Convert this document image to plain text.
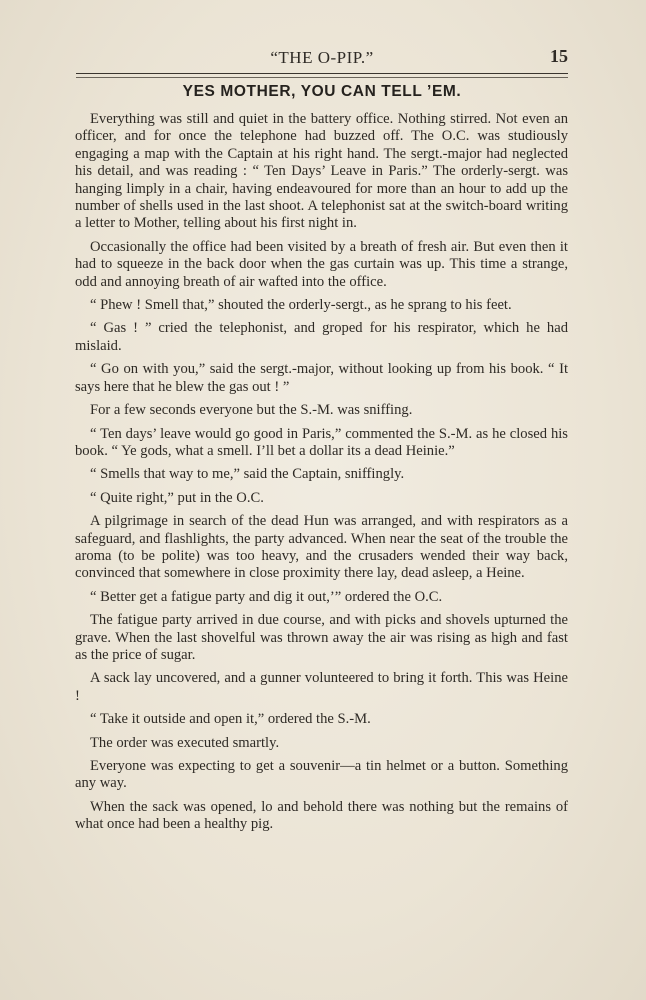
“THE O-PIP.”	15
YES MOTHER, YOU CAN TELL ’EM.

Everything was still and quiet in the battery office. Nothing stirred. Not even an officer, and for once the telephone had buzzed off. The O.C. was studiously engaging a map with the Captain at his right hand. The sergt.-major had neglected his detail, and was reading : “ Ten Days’ Leave in Paris.” The orderly-sergt. was hanging limply in a chair, having endeavoured for more than an hour to add up the number of shells used in the last shoot. A telephonist sat at the switch-board writing a letter to Mother, telling about his first night in.

Occasionally the office had been visited by a breath of fresh air. But even then it had to squeeze in the back door when the gas curtain was up. This time a strange, odd and annoying breath of air wafted into the office.

“ Phew ! Smell that,” shouted the orderly-sergt., as he sprang to his feet.

“ Gas ! ” cried the telephonist, and groped for his respirator, which he had mislaid.

“ Go on with you,” said the sergt.-major, without looking up from his book. “ It says here that he blew the gas out ! ”

For a few seconds everyone but the S.-M. was sniffing.

“ Ten days’ leave would go good in Paris,” commented the S.-M. as he closed his book. “ Ye gods, what a smell. I’ll bet a dollar its a dead Heinie.”

“ Smells that way to me,” said the Captain, sniffingly.

“ Quite right,” put in the O.C.

A pilgrimage in search of the dead Hun was arranged, and with respirators as a safeguard, and flashlights, the party advanced. When near the seat of the trouble the aroma (to be polite) was too heavy, and the crusaders wended their way back, convinced that somewhere in close proximity there lay, dead asleep, a Heine.

“ Better get a fatigue party and dig it out,’” ordered the O.C.

The fatigue party arrived in due course, and with picks and shovels upturned the grave. When the last shovelful was thrown away the air was rising as high and fast as the price of sugar.

A sack lay uncovered, and a gunner volunteered to bring it forth. This was Heine !

“ Take it outside and open it,” ordered the S.-M.

The order was executed smartly.

Everyone was expecting to get a souvenir—a tin helmet or a button. Something any way.

When the sack was opened, lo and behold there was nothing but the remains of what once had been a healthy pig.
